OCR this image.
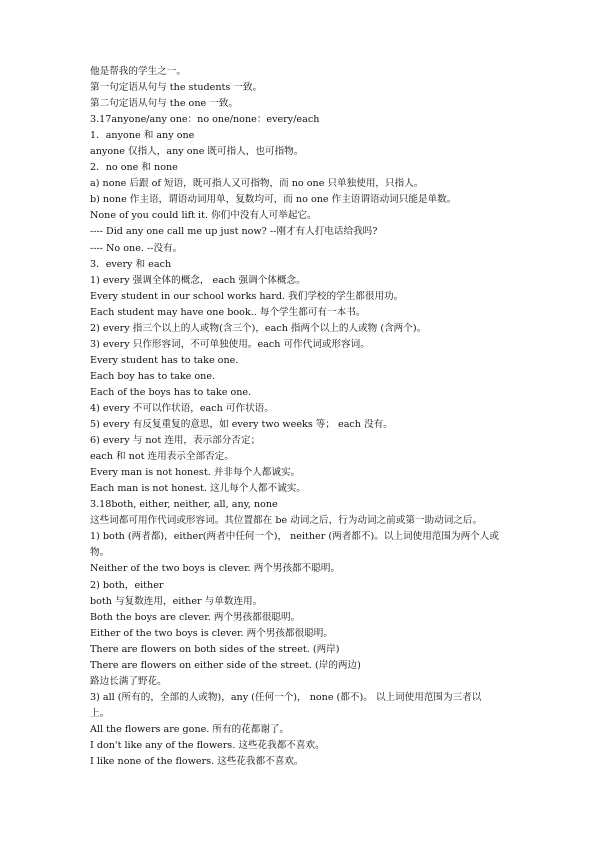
他是帮我的学生之一。
第一句定语从句与 the students 一致。
第二句定语从句与 the one 一致。
3.17anyone/any one：no one/none：every/each
1．anyone 和 any one
anyone 仅指人，any one 既可指人，也可指物。
2．no one 和 none
a) none 后跟 of 短语，既可指人又可指物，而 no one 只单独使用，只指人。
b) none 作主语，谓语动词用单，复数均可，而 no one 作主语谓语动词只能是单数。
None of you could lift it. 你们中没有人可举起它。
---- Did any one call me up just now? --刚才有人打电话给我吗?
---- No one. --没有。
3．every 和 each
1) every 强调全体的概念， each 强调个体概念。
Every student in our school works hard. 我们学校的学生都很用功。
Each student may have one book.. 每个学生都可有一本书。
2) every 指三个以上的人或物(含三个)，each 指两个以上的人或物 (含两个)。
3) every 只作形容词，不可单独使用。each 可作代词或形容词。
Every student has to take one.
Each boy has to take one.
Each of the boys has to take one.
4) every 不可以作状语，each 可作状语。
5) every 有反复重复的意思，如 every two weeks 等； each 没有。
6) every 与 not 连用，表示部分否定；
each 和 not 连用表示全部否定。
Every man is not honest. 并非每个人都诚实。
Each man is not honest. 这儿每个人都不诚实。
3.18both, either, neither, all, any, none
这些词都可用作代词或形容词。其位置都在 be 动词之后，行为动词之前或第一助动词之后。
1) both (两者都)，either(两者中任何一个)， neither (两者都不)。以上词使用范围为两个人或
物。
Neither of the two boys is clever. 两个男孩都不聪明。
2) both，either
both 与复数连用，either 与单数连用。
Both the boys are clever. 两个男孩都很聪明。
Either of the two boys is clever. 两个男孩都很聪明。
There are flowers on both sides of the street. (两岸)
There are flowers on either side of the street. (岸的两边)
路边长满了野花。
3) all (所有的，全部的人或物)，any (任何一个)， none (都不)。 以上词使用范围为三者以
上。
All the flowers are gone. 所有的花都谢了。
I don't like any of the flowers. 这些花我都不喜欢。
I like none of the flowers. 这些花我都不喜欢。
